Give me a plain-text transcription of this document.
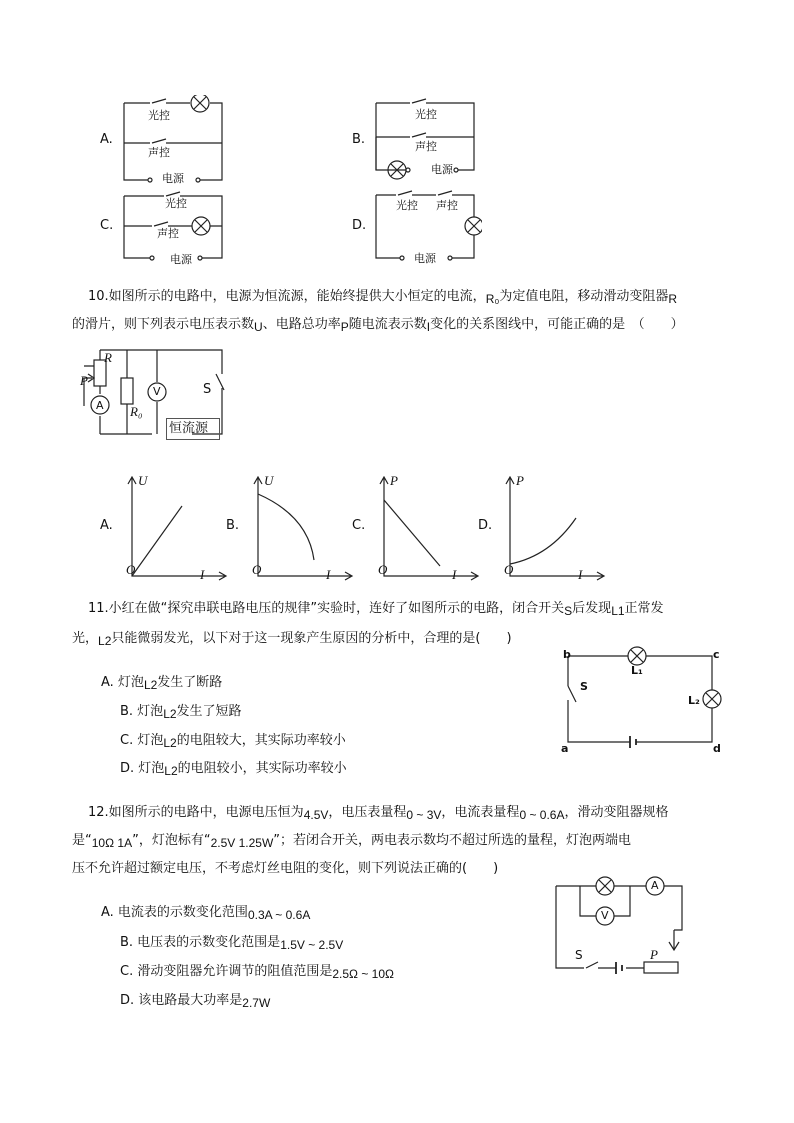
A.	B.
C.	D.
光控
声控
电源
光控
声控
电源
光控
声控
电源
光控 声控
电源
10.如图所示的电路中，电源为恒流源，能始终提供大小恒定的电流，R₀为定值电阻，移动滑动变阻器R
的滑片，则下列表示电压表示数U、电路总功率P随电流表示数I变化的关系图线中，可能正确的是　（　　）
R
P
A
V	S
R₀
恒流源
A.
U
I
O
B.
U
I
O
C.
P
I
O
D.
P
I
O
11.小红在做“探究串联电路电压的规律”实验时，连好了如图所示的电路，闭合开关S后发现L1正常发
光，L2只能微弱发光，以下对于这一现象产生原因的分析中，合理的是(　　)
A. 灯泡L2发生了断路
B. 灯泡L2发生了短路
C. 灯泡L2的电阻较大，其实际功率较小
D. 灯泡L2的电阻较小，其实际功率较小
b	c
a	d
S
L₁
L₂
12.如图所示的电路中，电源电压恒为4.5V，电压表量程0 ~ 3V，电流表量程0 ~ 0.6A，滑动变阻器规格
是“10Ω 1A”，灯泡标有“2.5V 1.25W”；若闭合开关，两电表示数均不超过所选的量程，灯泡两端电
压不允许超过额定电压，不考虑灯丝电阻的变化，则下列说法正确的(　　)
A. 电流表的示数变化范围0.3A ~ 0.6A
B. 电压表的示数变化范围是1.5V ~ 2.5V
C. 滑动变阻器允许调节的阻值范围是2.5Ω ~ 10Ω
D. 该电路最大功率是2.7W
A
V
S	P
